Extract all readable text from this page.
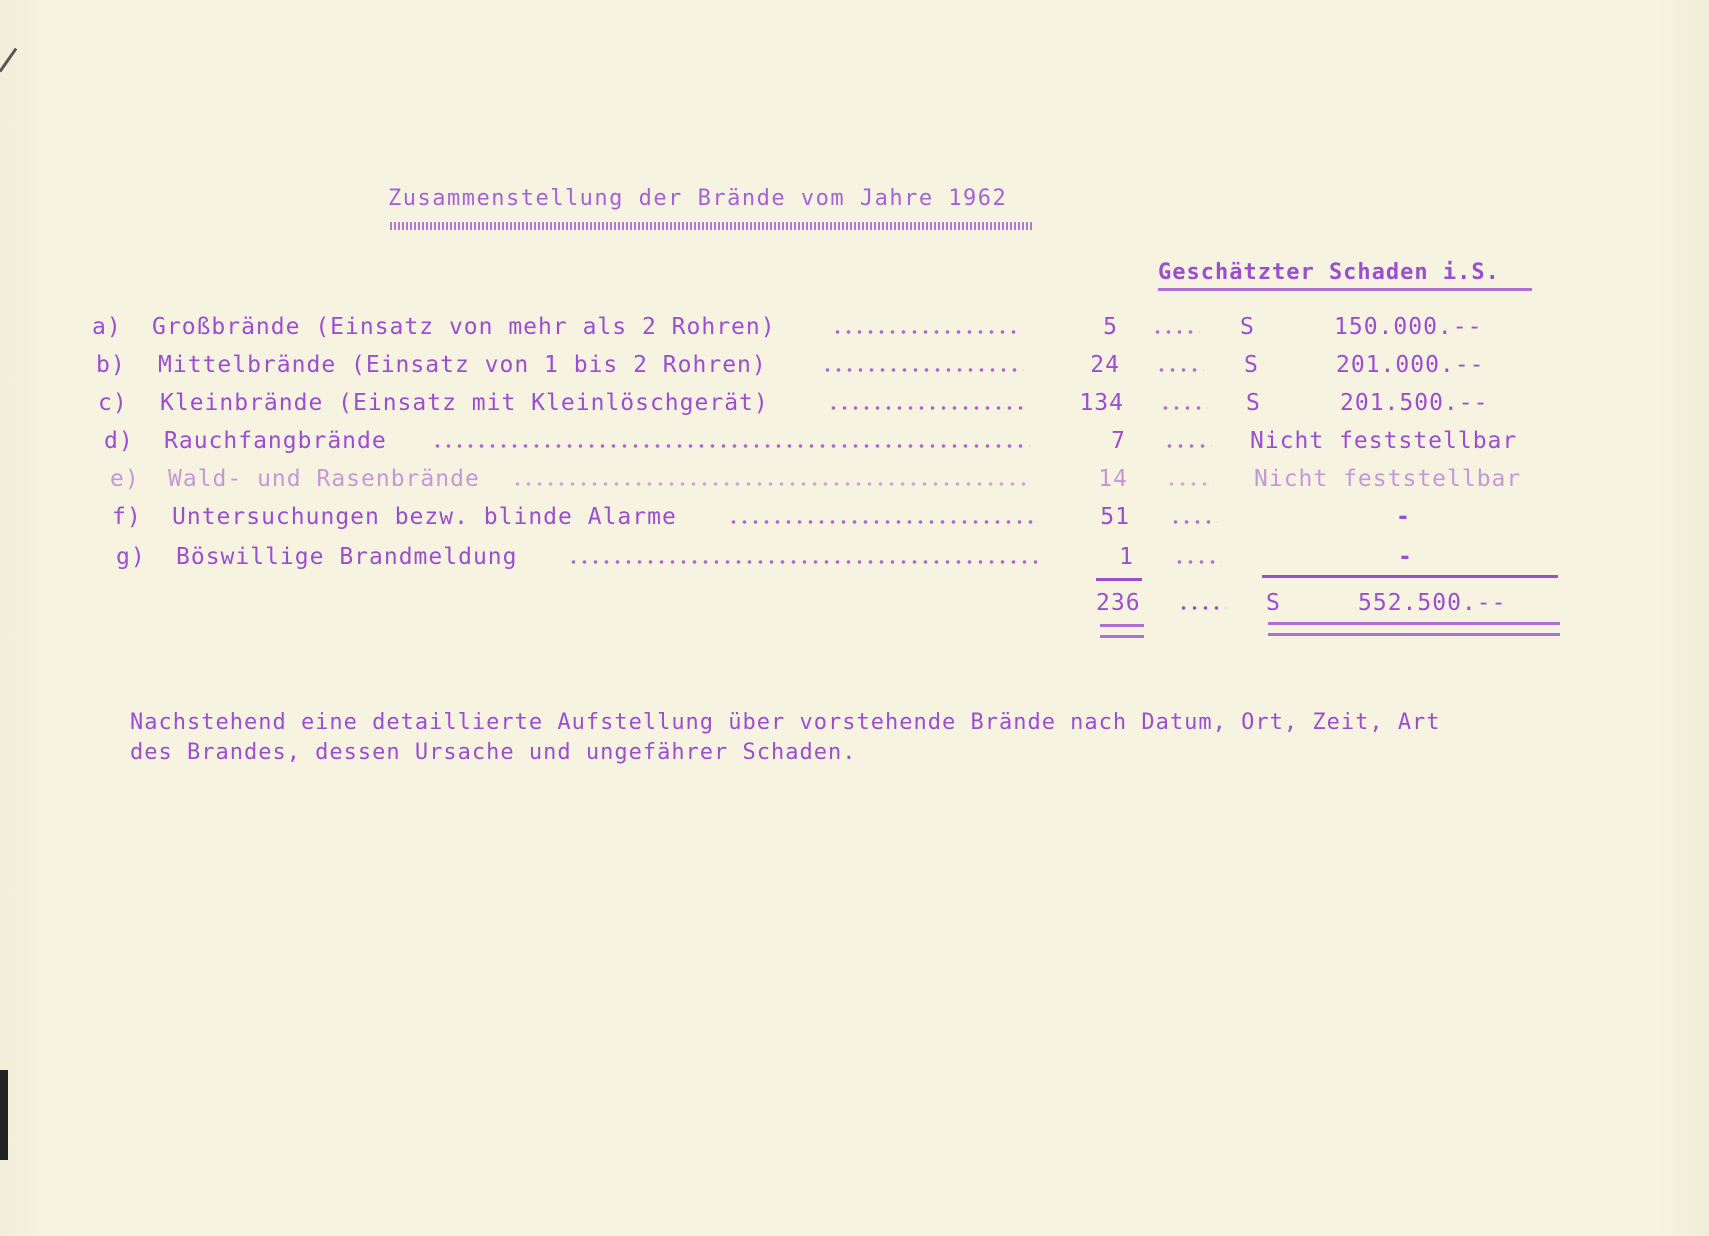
Zusammenstellung der Brände vom Jahre 1962
Geschätzter Schaden i.S.
a) Großbrände (Einsatz von mehr als 2 Rohren)	5	S	150.000.--
b) Mittelbrände (Einsatz von 1 bis 2 Rohren)	24	S	201.000.--
c) Kleinbrände (Einsatz mit Kleinlöschgerät)	134	S	201.500.--
d) Rauchfangbrände	7	Nicht feststellbar
e) Wald- und Rasenbrände	14	Nicht feststellbar
f) Untersuchungen bezw. blinde Alarme	51	-
g) Böswillige Brandmeldung	1	-
236	S	552.500.--
Nachstehend eine detaillierte Aufstellung über vorstehende Brände nach Datum, Ort, Zeit, Art
des Brandes, dessen Ursache und ungefährer Schaden.
